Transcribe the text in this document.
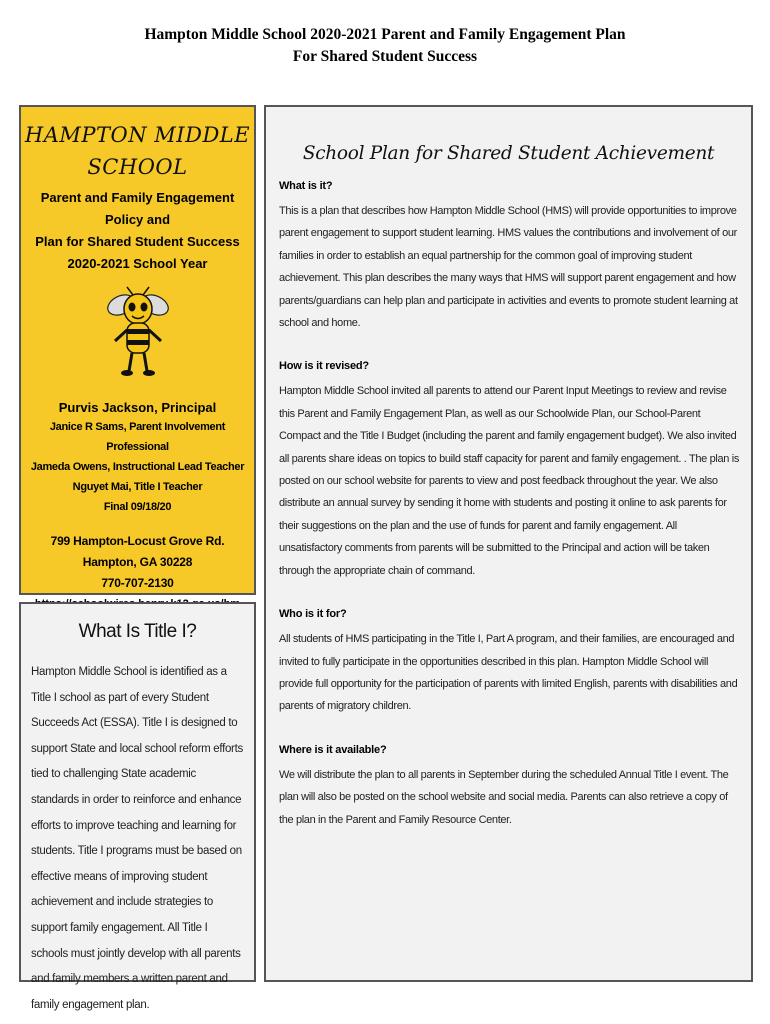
Hampton Middle School 2020-2021 Parent and Family Engagement Plan
For Shared Student Success
HAMPTON MIDDLE
SCHOOL
Parent and Family Engagement Policy and
Plan for Shared Student Success
2020-2021 School Year
Purvis Jackson, Principal
Janice R Sams, Parent Involvement Professional
Jameda Owens, Instructional Lead Teacher
Nguyet Mai, Title I Teacher
Final 09/18/20
799 Hampton-Locust Grove Rd.
Hampton, GA 30228
770-707-2130
What Is Title I?
Hampton Middle School is identified as a Title I school as part of every Student Succeeds Act (ESSA). Title I is designed to support State and local school reform efforts tied to challenging State academic standards in order to reinforce and enhance efforts to improve teaching and learning for students. Title I programs must be based on effective means of improving student achievement and include strategies to support family engagement. All Title I schools must jointly develop with all parents and family members a written parent and family engagement plan.
School Plan for Shared Student Achievement
What is it?
This is a plan that describes how Hampton Middle School (HMS) will provide opportunities to improve parent engagement to support student learning. HMS values the contributions and involvement of our families in order to establish an equal partnership for the common goal of improving student achievement. This plan describes the many ways that HMS will support parent engagement and how parents/guardians can help plan and participate in activities and events to promote student learning at school and home.
How is it revised?
Hampton Middle School invited all parents to attend our Parent Input Meetings to review and revise this Parent and Family Engagement Plan, as well as our Schoolwide Plan, our School-Parent Compact and the Title I Budget (including the parent and family engagement budget). We also invited all parents share ideas on topics to build staff capacity for parent and family engagement. . The plan is posted on our school website for parents to view and post feedback throughout the year. We also distribute an annual survey by sending it home with students and posting it online to ask parents for their suggestions on the plan and the use of funds for parent and family engagement. All unsatisfactory comments from parents will be submitted to the Principal and action will be taken through the appropriate chain of command.
Who is it for?
All students of HMS participating in the Title I, Part A program, and their families, are encouraged and invited to fully participate in the opportunities described in this plan. Hampton Middle School will provide full opportunity for the participation of parents with limited English, parents with disabilities and parents of migratory children.
Where is it available?
We will distribute the plan to all parents in September during the scheduled Annual Title I event. The plan will also be posted on the school website and social media. Parents can also retrieve a copy of the plan in the Parent and Family Resource Center.
